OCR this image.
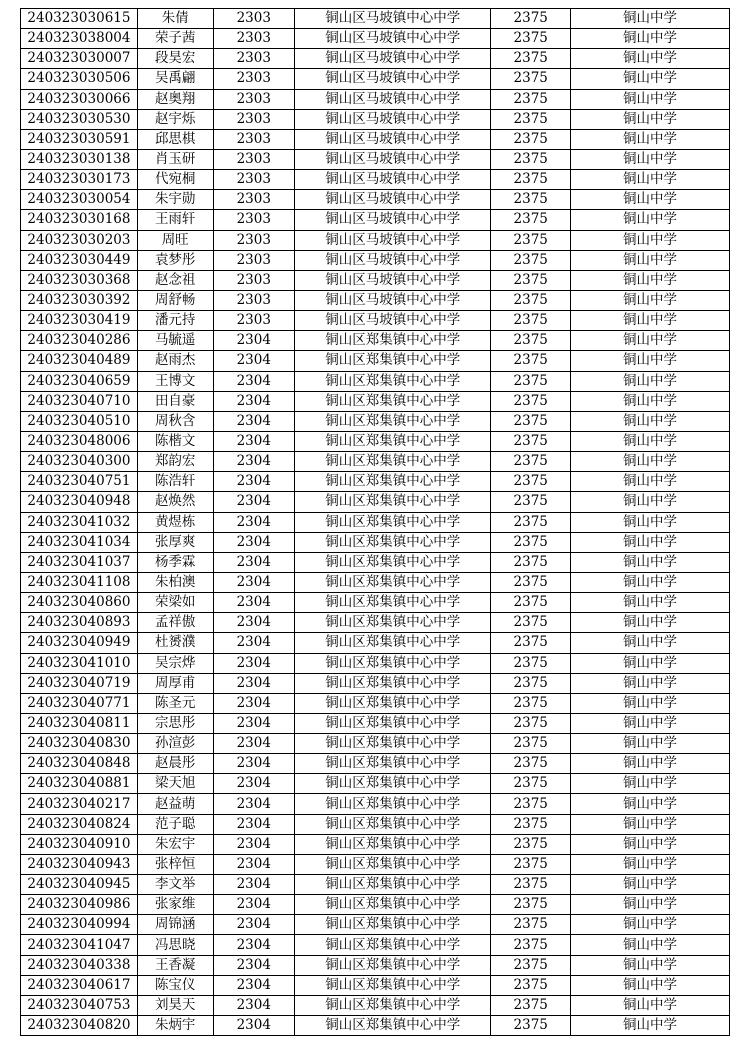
240323030615	朱倩	2303	铜山区马坡镇中心中学	2375	铜山中学
240323038004	荣子茜	2303	铜山区马坡镇中心中学	2375	铜山中学
240323030007	段昊宏	2303	铜山区马坡镇中心中学	2375	铜山中学
240323030506	吴禹翩	2303	铜山区马坡镇中心中学	2375	铜山中学
240323030066	赵奥翔	2303	铜山区马坡镇中心中学	2375	铜山中学
240323030530	赵宇烁	2303	铜山区马坡镇中心中学	2375	铜山中学
240323030591	邱思棋	2303	铜山区马坡镇中心中学	2375	铜山中学
240323030138	肖玉研	2303	铜山区马坡镇中心中学	2375	铜山中学
240323030173	代宛桐	2303	铜山区马坡镇中心中学	2375	铜山中学
240323030054	朱宇勋	2303	铜山区马坡镇中心中学	2375	铜山中学
240323030168	王雨轩	2303	铜山区马坡镇中心中学	2375	铜山中学
240323030203	周旺	2303	铜山区马坡镇中心中学	2375	铜山中学
240323030449	袁梦彤	2303	铜山区马坡镇中心中学	2375	铜山中学
240323030368	赵念祖	2303	铜山区马坡镇中心中学	2375	铜山中学
240323030392	周舒畅	2303	铜山区马坡镇中心中学	2375	铜山中学
240323030419	潘元持	2303	铜山区马坡镇中心中学	2375	铜山中学
240323040286	马毓遥	2304	铜山区郑集镇中心中学	2375	铜山中学
240323040489	赵雨杰	2304	铜山区郑集镇中心中学	2375	铜山中学
240323040659	王博文	2304	铜山区郑集镇中心中学	2375	铜山中学
240323040710	田自豪	2304	铜山区郑集镇中心中学	2375	铜山中学
240323040510	周秋含	2304	铜山区郑集镇中心中学	2375	铜山中学
240323048006	陈楷文	2304	铜山区郑集镇中心中学	2375	铜山中学
240323040300	郑韵宏	2304	铜山区郑集镇中心中学	2375	铜山中学
240323040751	陈浩轩	2304	铜山区郑集镇中心中学	2375	铜山中学
240323040948	赵焕然	2304	铜山区郑集镇中心中学	2375	铜山中学
240323041032	黄煜栋	2304	铜山区郑集镇中心中学	2375	铜山中学
240323041034	张厚爽	2304	铜山区郑集镇中心中学	2375	铜山中学
240323041037	杨季霖	2304	铜山区郑集镇中心中学	2375	铜山中学
240323041108	朱柏澳	2304	铜山区郑集镇中心中学	2375	铜山中学
240323040860	荣梁如	2304	铜山区郑集镇中心中学	2375	铜山中学
240323040893	孟祥傲	2304	铜山区郑集镇中心中学	2375	铜山中学
240323040949	杜赟濮	2304	铜山区郑集镇中心中学	2375	铜山中学
240323041010	吴宗烨	2304	铜山区郑集镇中心中学	2375	铜山中学
240323040719	周厚甫	2304	铜山区郑集镇中心中学	2375	铜山中学
240323040771	陈圣元	2304	铜山区郑集镇中心中学	2375	铜山中学
240323040811	宗思彤	2304	铜山区郑集镇中心中学	2375	铜山中学
240323040830	孙渲彭	2304	铜山区郑集镇中心中学	2375	铜山中学
240323040848	赵晨彤	2304	铜山区郑集镇中心中学	2375	铜山中学
240323040881	梁天旭	2304	铜山区郑集镇中心中学	2375	铜山中学
240323040217	赵益萌	2304	铜山区郑集镇中心中学	2375	铜山中学
240323040824	范子聪	2304	铜山区郑集镇中心中学	2375	铜山中学
240323040910	朱宏宇	2304	铜山区郑集镇中心中学	2375	铜山中学
240323040943	张梓恒	2304	铜山区郑集镇中心中学	2375	铜山中学
240323040945	李文举	2304	铜山区郑集镇中心中学	2375	铜山中学
240323040986	张家维	2304	铜山区郑集镇中心中学	2375	铜山中学
240323040994	周锦涵	2304	铜山区郑集镇中心中学	2375	铜山中学
240323041047	冯思晓	2304	铜山区郑集镇中心中学	2375	铜山中学
240323040338	王香凝	2304	铜山区郑集镇中心中学	2375	铜山中学
240323040617	陈宝仪	2304	铜山区郑集镇中心中学	2375	铜山中学
240323040753	刘昊天	2304	铜山区郑集镇中心中学	2375	铜山中学
240323040820	朱炳宇	2304	铜山区郑集镇中心中学	2375	铜山中学
